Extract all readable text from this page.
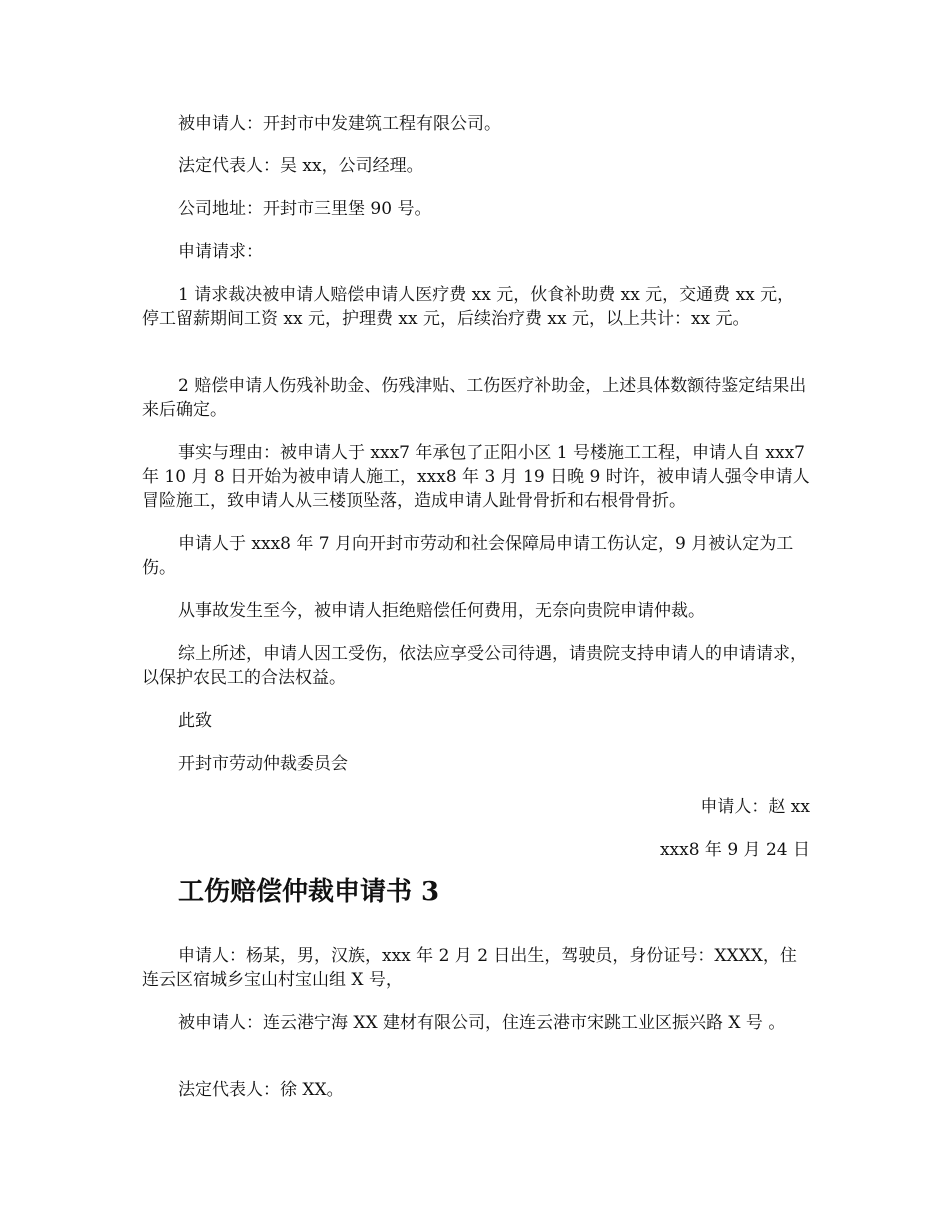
被申请人：开封市中发建筑工程有限公司。

法定代表人：吴 xx，公司经理。

公司地址：开封市三里堡 90 号。

申请请求：

1 请求裁决被申请人赔偿申请人医疗费 xx 元，伙食补助费 xx 元，交通费 xx 元，停工留薪期间工资 xx 元，护理费 xx 元，后续治疗费 xx 元，以上共计：xx 元。

2 赔偿申请人伤残补助金、伤残津贴、工伤医疗补助金，上述具体数额待鉴定结果出来后确定。

事实与理由：被申请人于 xxx7 年承包了正阳小区 1 号楼施工工程，申请人自 xxx7 年 10 月 8 日开始为被申请人施工，xxx8 年 3 月 19 日晚 9 时许，被申请人强令申请人冒险施工，致申请人从三楼顶坠落，造成申请人趾骨骨折和右根骨骨折。

申请人于 xxx8 年 7 月向开封市劳动和社会保障局申请工伤认定，9 月被认定为工伤。

从事故发生至今，被申请人拒绝赔偿任何费用，无奈向贵院申请仲裁。

综上所述，申请人因工受伤，依法应享受公司待遇，请贵院支持申请人的申请请求，以保护农民工的合法权益。

此致

开封市劳动仲裁委员会

申请人：赵 xx

xxx8 年 9 月 24 日

工伤赔偿仲裁申请书 3

申请人：杨某，男，汉族，xxx 年 2 月 2 日出生，驾驶员，身份证号：XXXX，住连云区宿城乡宝山村宝山组 X 号，

被申请人：连云港宁海 XX 建材有限公司，住连云港市宋跳工业区振兴路 X 号 。

法定代表人：徐 XX。
